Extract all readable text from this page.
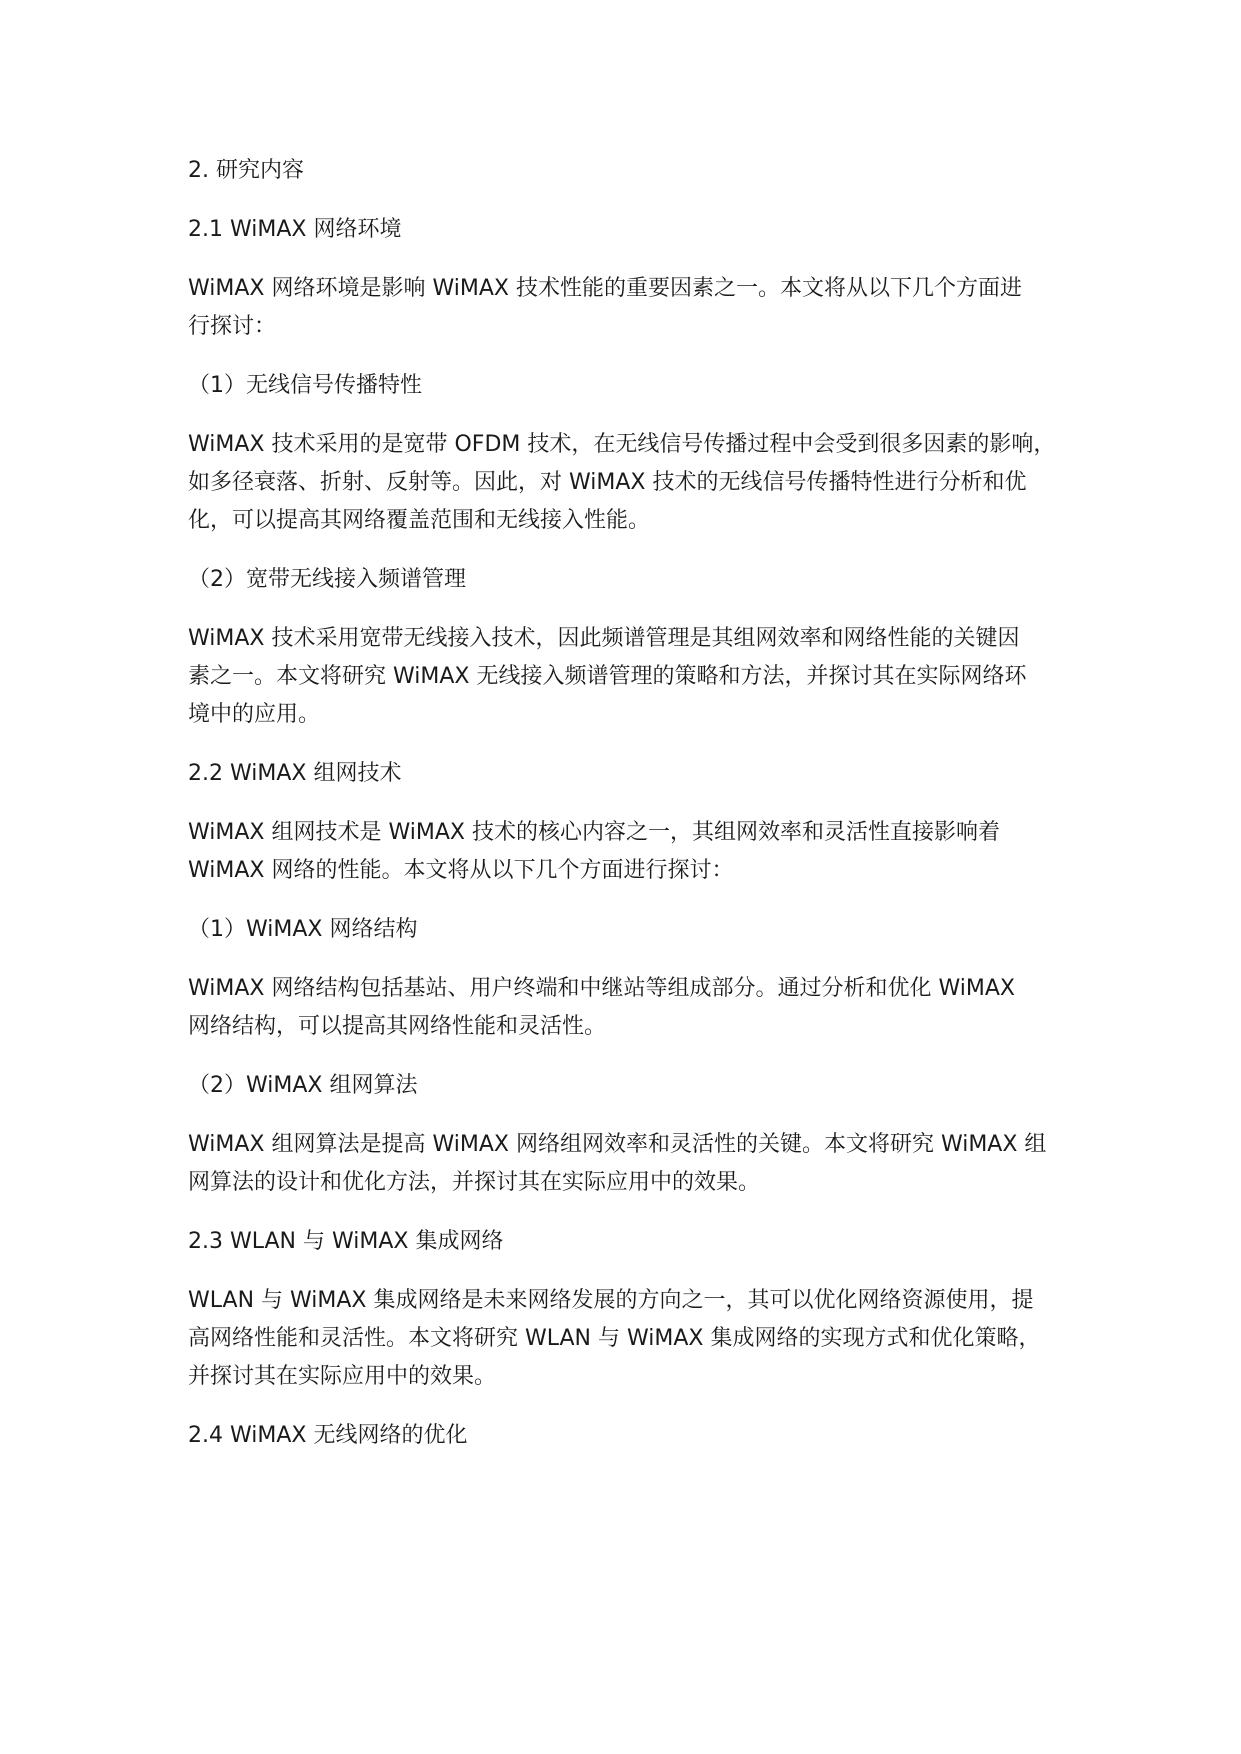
2. 研究内容

2.1 WiMAX 网络环境

WiMAX 网络环境是影响 WiMAX 技术性能的重要因素之一。本文将从以下几个方面进
行探讨：

（1）无线信号传播特性

WiMAX 技术采用的是宽带 OFDM 技术，在无线信号传播过程中会受到很多因素的影响，
如多径衰落、折射、反射等。因此，对 WiMAX 技术的无线信号传播特性进行分析和优
化，可以提高其网络覆盖范围和无线接入性能。

（2）宽带无线接入频谱管理

WiMAX 技术采用宽带无线接入技术，因此频谱管理是其组网效率和网络性能的关键因
素之一。本文将研究 WiMAX 无线接入频谱管理的策略和方法，并探讨其在实际网络环
境中的应用。

2.2 WiMAX 组网技术

WiMAX 组网技术是 WiMAX 技术的核心内容之一，其组网效率和灵活性直接影响着
WiMAX 网络的性能。本文将从以下几个方面进行探讨：

（1）WiMAX 网络结构

WiMAX 网络结构包括基站、用户终端和中继站等组成部分。通过分析和优化 WiMAX
网络结构，可以提高其网络性能和灵活性。

（2）WiMAX 组网算法

WiMAX 组网算法是提高 WiMAX 网络组网效率和灵活性的关键。本文将研究 WiMAX 组
网算法的设计和优化方法，并探讨其在实际应用中的效果。

2.3 WLAN 与 WiMAX 集成网络

WLAN 与 WiMAX 集成网络是未来网络发展的方向之一，其可以优化网络资源使用，提
高网络性能和灵活性。本文将研究 WLAN 与 WiMAX 集成网络的实现方式和优化策略，
并探讨其在实际应用中的效果。

2.4 WiMAX 无线网络的优化
